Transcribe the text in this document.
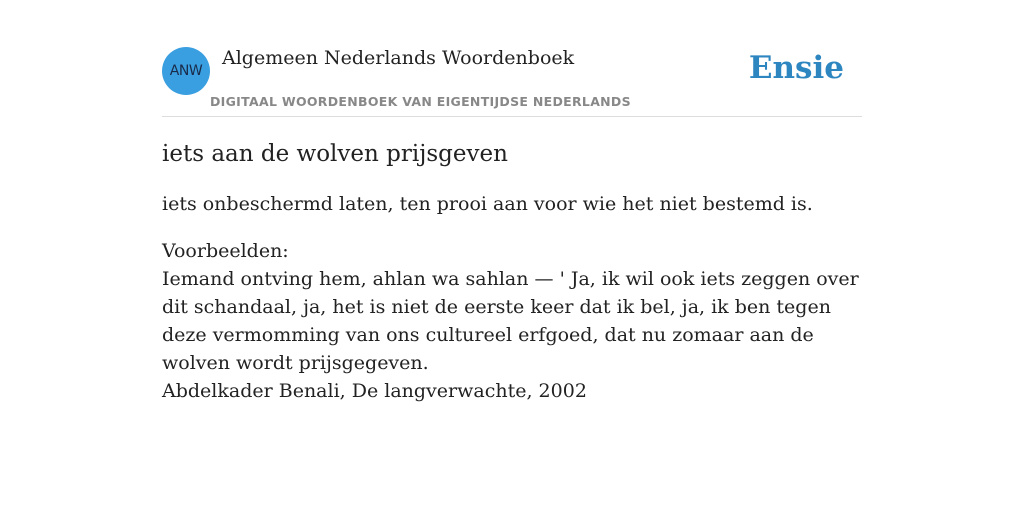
ANW
Algemeen Nederlands Woordenboek
DIGITAAL WOORDENBOEK VAN EIGENTIJDSE NEDERLANDS
Ensie
iets aan de wolven prijsgeven

iets onbeschermd laten, ten prooi aan voor wie het niet bestemd is.

Voorbeelden:
Iemand ontving hem, ahlan wa sahlan — ' Ja, ik wil ook iets zeggen over dit schandaal, ja, het is niet de eerste keer dat ik bel, ja, ik ben tegen deze vermomming van ons cultureel erfgoed, dat nu zomaar aan de wolven wordt prijsgegeven.
Abdelkader Benali, De langverwachte, 2002
